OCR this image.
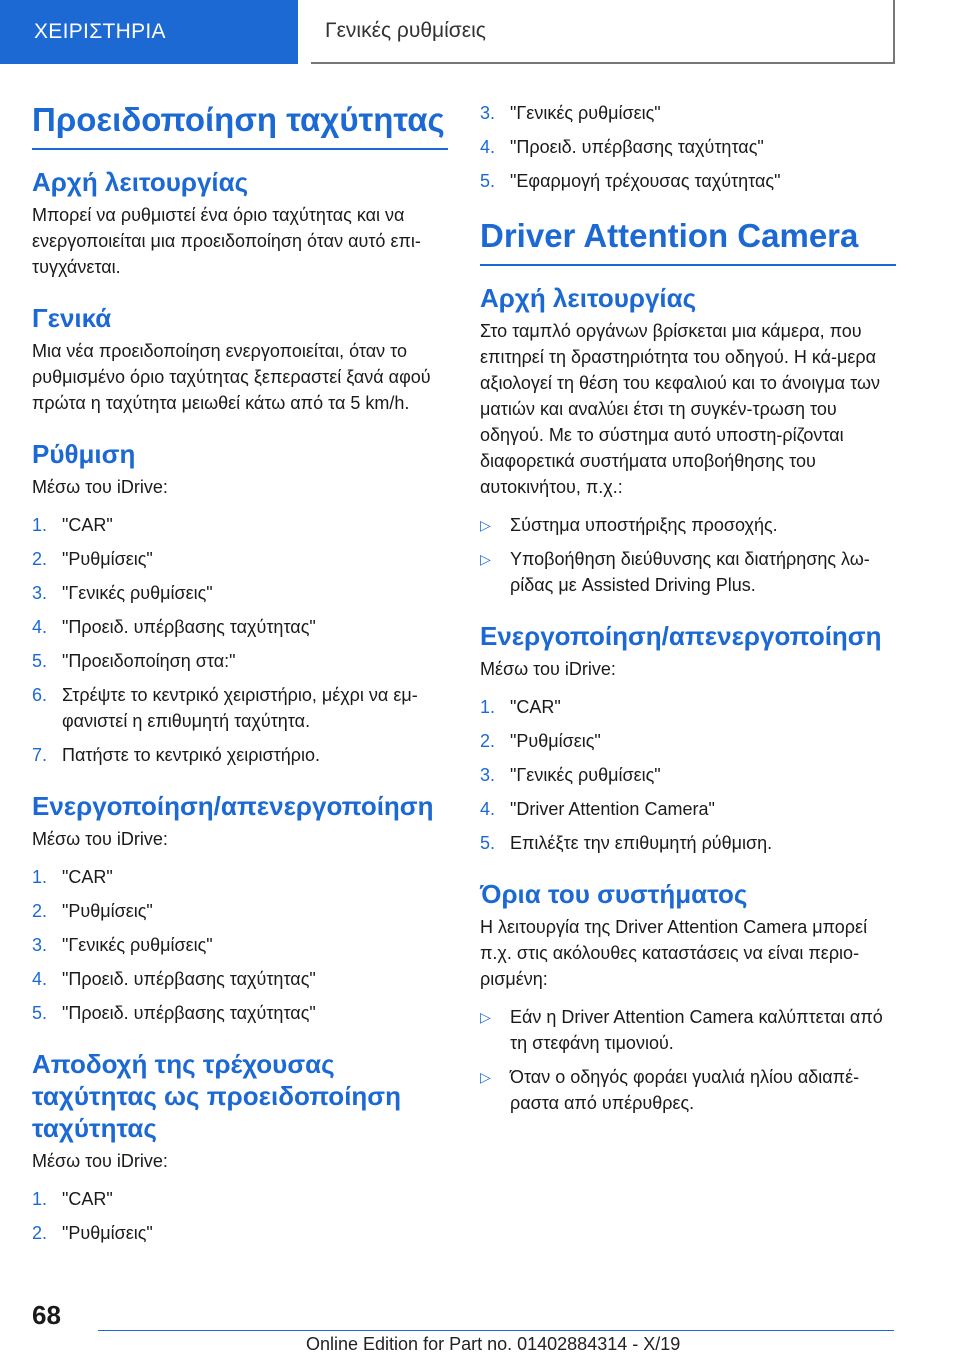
ΧΕΙΡΙΣΤΗΡΙΑ	Γενικές ρυθμίσεις
Προειδοποίηση ταχύτητας
Αρχή λειτουργίας

Μπορεί να ρυθμιστεί ένα όριο ταχύτητας και να ενεργοποιείται μια προειδοποίηση όταν αυτό επι-τυγχάνεται.

Γενικά

Μια νέα προειδοποίηση ενεργοποιείται, όταν το ρυθμισμένο όριο ταχύτητας ξεπεραστεί ξανά αφού πρώτα η ταχύτητα μειωθεί κάτω από τα 5 km/h.

Ρύθμιση

Μέσω του iDrive:

1. "CAR"
2. "Ρυθμίσεις"
3. "Γενικές ρυθμίσεις"
4. "Προειδ. υπέρβασης ταχύτητας"
5. "Προειδοποίηση στα:"
6. Στρέψτε το κεντρικό χειριστήριο, μέχρι να εμ-φανιστεί η επιθυμητή ταχύτητα.
7. Πατήστε το κεντρικό χειριστήριο.
Ενεργοποίηση/απενεργοποίηση

Μέσω του iDrive:

1. "CAR"
2. "Ρυθμίσεις"
3. "Γενικές ρυθμίσεις"
4. "Προειδ. υπέρβασης ταχύτητας"
5. "Προειδ. υπέρβασης ταχύτητας"
Αποδοχή της τρέχουσας ταχύτητας ως προειδοποίηση ταχύτητας

Μέσω του iDrive:

1. "CAR"
2. "Ρυθμίσεις"
3. "Γενικές ρυθμίσεις"
4. "Προειδ. υπέρβασης ταχύτητας"
5. "Εφαρμογή τρέχουσας ταχύτητας"
Driver Attention Camera
Αρχή λειτουργίας

Στο ταμπλό οργάνων βρίσκεται μια κάμερα, που επιτηρεί τη δραστηριότητα του οδηγού. Η κά-μερα αξιολογεί τη θέση του κεφαλιού και το άνοιγμα των ματιών και αναλύει έτσι τη συγκέν-τρωση του οδηγού. Με το σύστημα αυτό υποστη-ρίζονται διαφορετικά συστήματα υποβοήθησης του αυτοκινήτου, π.χ.:

▷	Σύστημα υποστήριξης προσοχής.
▷	Υποβοήθηση διεύθυνσης και διατήρησης λω-ρίδας με Assisted Driving Plus.
Ενεργοποίηση/απενεργοποίηση

Μέσω του iDrive:

1. "CAR"
2. "Ρυθμίσεις"
3. "Γενικές ρυθμίσεις"
4. "Driver Attention Camera"
5. Επιλέξτε την επιθυμητή ρύθμιση.
Όρια του συστήματος

Η λειτουργία της Driver Attention Camera μπορεί π.χ. στις ακόλουθες καταστάσεις να είναι περιο-ρισμένη:

▷	Εάν η Driver Attention Camera καλύπτεται από τη στεφάνη τιμονιού.
▷	Όταν ο οδηγός φοράει γυαλιά ηλίου αδιαπέ-ραστα από υπέρυθρες.
68
Online Edition for Part no. 01402884314 - X/19
